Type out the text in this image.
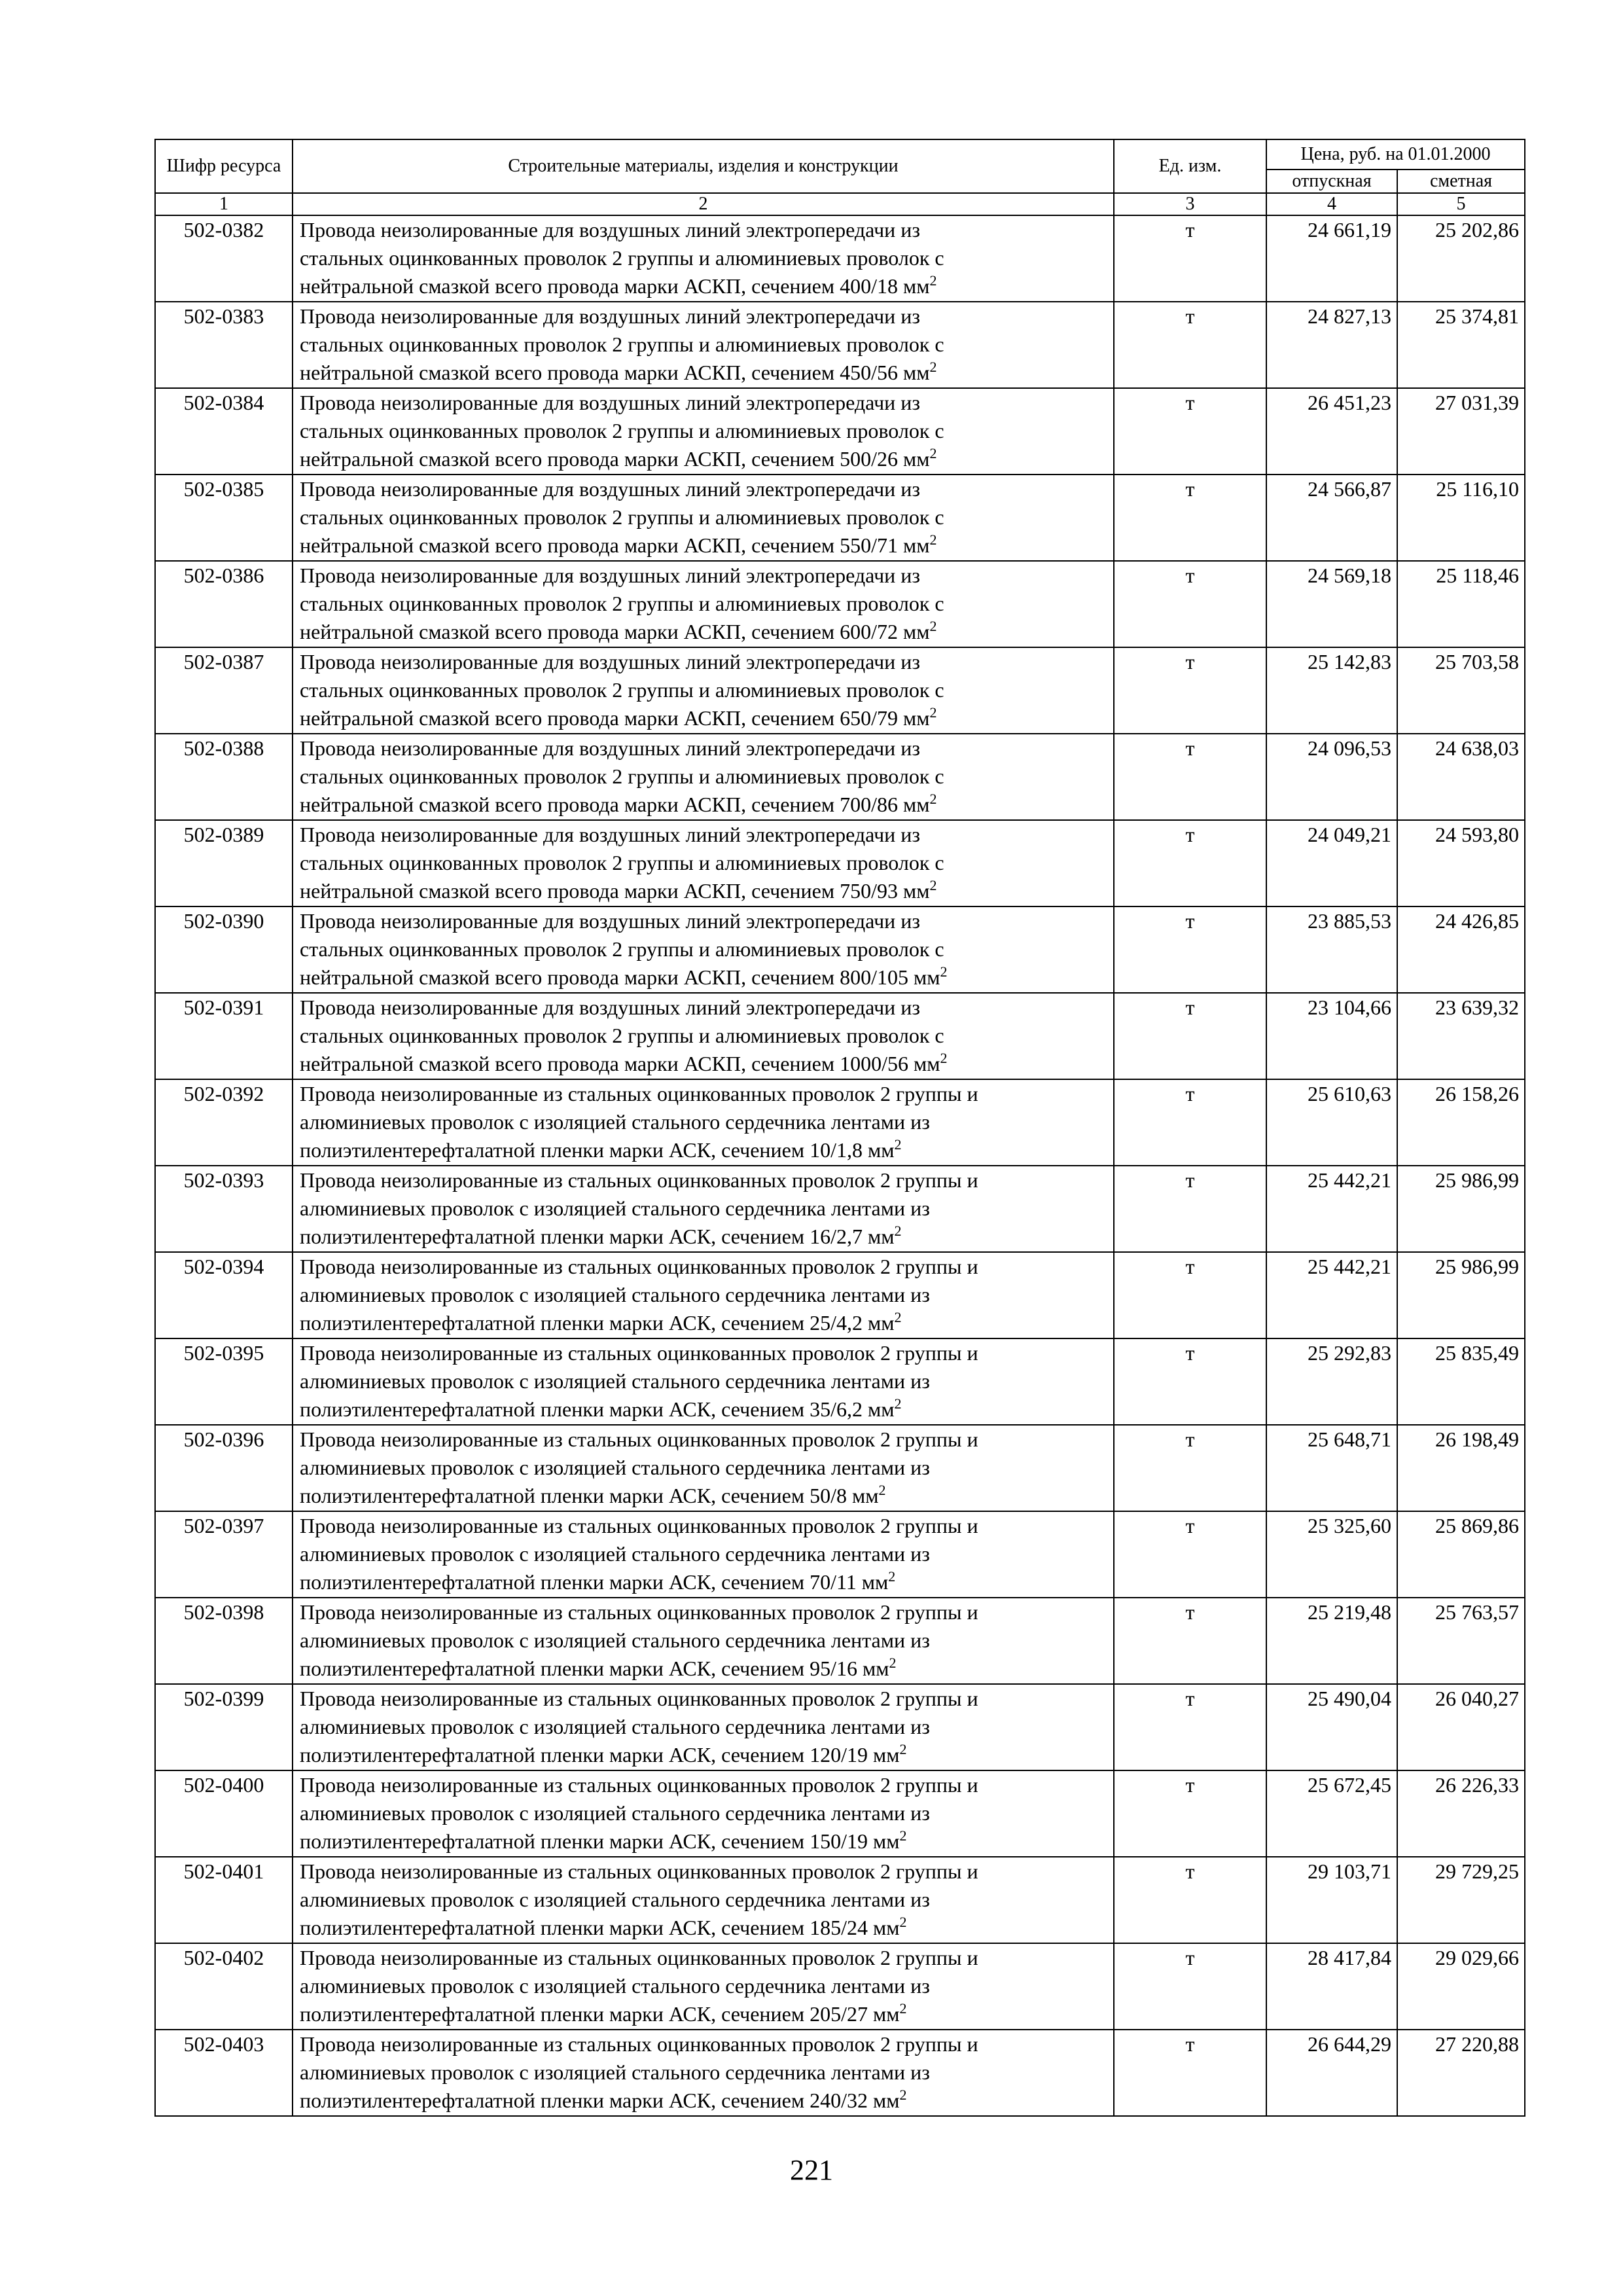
Шифр ресурса	Строительные материалы, изделия и конструкции	Ед. изм.	Цена, руб. на 01.01.2000	
			отпускная	сметная
1	2	3	4	5
502-0382	Провода неизолированные для воздушных линий электропередачи из
стальных оцинкованных проволок 2 группы и алюминиевых проволок с
нейтральной смазкой всего провода марки АСКП, сечением 400/18 $мм^2$	т	24 661,19	25 202,86
502-0383	Провода неизолированные для воздушных линий электропередачи из
стальных оцинкованных проволок 2 группы и алюминиевых проволок с
нейтральной смазкой всего провода марки АСКП, сечением 450/56 $мм^2$	т	24 827,13	25 374,81
502-0384	Провода неизолированные для воздушных линий электропередачи из
стальных оцинкованных проволок 2 группы и алюминиевых проволок с
нейтральной смазкой всего провода марки АСКП, сечением 500/26 $мм^2$	т	26 451,23	27 031,39
502-0385	Провода неизолированные для воздушных линий электропередачи из
стальных оцинкованных проволок 2 группы и алюминиевых проволок с
нейтральной смазкой всего провода марки АСКП, сечением 550/71 $мм^2$	т	24 566,87	25 116,10
502-0386	Провода неизолированные для воздушных линий электропередачи из
стальных оцинкованных проволок 2 группы и алюминиевых проволок с
нейтральной смазкой всего провода марки АСКП, сечением 600/72 $мм^2$	т	24 569,18	25 118,46
502-0387	Провода неизолированные для воздушных линий электропередачи из
стальных оцинкованных проволок 2 группы и алюминиевых проволок с
нейтральной смазкой всего провода марки АСКП, сечением 650/79 $мм^2$	т	25 142,83	25 703,58
502-0388	Провода неизолированные для воздушных линий электропередачи из
стальных оцинкованных проволок 2 группы и алюминиевых проволок с
нейтральной смазкой всего провода марки АСКП, сечением 700/86 $мм^2$	т	24 096,53	24 638,03
502-0389	Провода неизолированные для воздушных линий электропередачи из
стальных оцинкованных проволок 2 группы и алюминиевых проволок с
нейтральной смазкой всего провода марки АСКП, сечением 750/93 $мм^2$	т	24 049,21	24 593,80
502-0390	Провода неизолированные для воздушных линий электропередачи из
стальных оцинкованных проволок 2 группы и алюминиевых проволок с
нейтральной смазкой всего провода марки АСКП, сечением 800/105 $мм^2$	т	23 885,53	24 426,85
502-0391	Провода неизолированные для воздушных линий электропередачи из
стальных оцинкованных проволок 2 группы и алюминиевых проволок с
нейтральной смазкой всего провода марки АСКП, сечением 1000/56 $мм^2$	т	23 104,66	23 639,32
502-0392	Провода неизолированные из стальных оцинкованных проволок 2 группы и
алюминиевых проволок с изоляцией стального сердечника лентами из
полиэтилентерефталатной пленки марки АСК, сечением 10/1,8 $мм^2$	т	25 610,63	26 158,26
502-0393	Провода неизолированные из стальных оцинкованных проволок 2 группы и
алюминиевых проволок с изоляцией стального сердечника лентами из
полиэтилентерефталатной пленки марки АСК, сечением 16/2,7 $мм^2$	т	25 442,21	25 986,99
502-0394	Провода неизолированные из стальных оцинкованных проволок 2 группы и
алюминиевых проволок с изоляцией стального сердечника лентами из
полиэтилентерефталатной пленки марки АСК, сечением 25/4,2 $мм^2$	т	25 442,21	25 986,99
502-0395	Провода неизолированные из стальных оцинкованных проволок 2 группы и
алюминиевых проволок с изоляцией стального сердечника лентами из
полиэтилентерефталатной пленки марки АСК, сечением 35/6,2 $мм^2$	т	25 292,83	25 835,49
502-0396	Провода неизолированные из стальных оцинкованных проволок 2 группы и
алюминиевых проволок с изоляцией стального сердечника лентами из
полиэтилентерефталатной пленки марки АСК, сечением 50/8 $мм^2$	т	25 648,71	26 198,49
502-0397	Провода неизолированные из стальных оцинкованных проволок 2 группы и
алюминиевых проволок с изоляцией стального сердечника лентами из
полиэтилентерефталатной пленки марки АСК, сечением 70/11 $мм^2$	т	25 325,60	25 869,86
502-0398	Провода неизолированные из стальных оцинкованных проволок 2 группы и
алюминиевых проволок с изоляцией стального сердечника лентами из
полиэтилентерефталатной пленки марки АСК, сечением 95/16 $мм^2$	т	25 219,48	25 763,57
502-0399	Провода неизолированные из стальных оцинкованных проволок 2 группы и
алюминиевых проволок с изоляцией стального сердечника лентами из
полиэтилентерефталатной пленки марки АСК, сечением 120/19 $мм^2$	т	25 490,04	26 040,27
502-0400	Провода неизолированные из стальных оцинкованных проволок 2 группы и
алюминиевых проволок с изоляцией стального сердечника лентами из
полиэтилентерефталатной пленки марки АСК, сечением 150/19 $мм^2$	т	25 672,45	26 226,33
502-0401	Провода неизолированные из стальных оцинкованных проволок 2 группы и
алюминиевых проволок с изоляцией стального сердечника лентами из
полиэтилентерефталатной пленки марки АСК, сечением 185/24 $мм^2$	т	29 103,71	29 729,25
502-0402	Провода неизолированные из стальных оцинкованных проволок 2 группы и
алюминиевых проволок с изоляцией стального сердечника лентами из
полиэтилентерефталатной пленки марки АСК, сечением 205/27 $мм^2$	т	28 417,84	29 029,66
502-0403	Провода неизолированные из стальных оцинкованных проволок 2 группы и
алюминиевых проволок с изоляцией стального сердечника лентами из
полиэтилентерефталатной пленки марки АСК, сечением 240/32 $мм^2$	т	26 644,29	27 220,88
221
